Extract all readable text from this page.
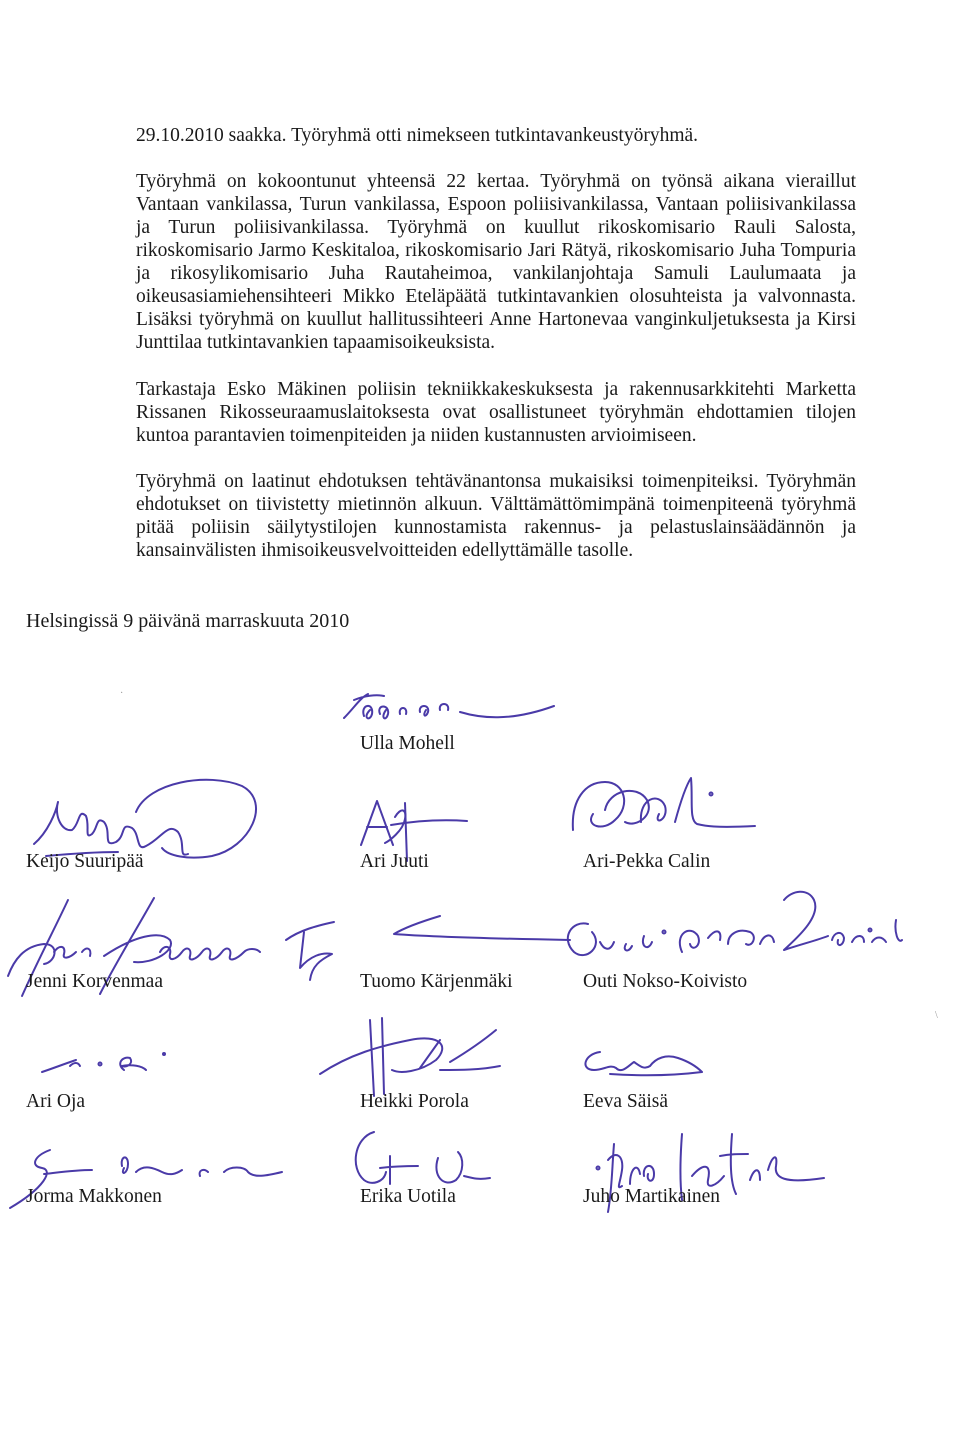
29.10.2010 saakka. Työryhmä otti nimekseen tutkintavankeustyöryhmä.

Työryhmä on kokoontunut yhteensä 22 kertaa. Työryhmä on työnsä aikana vieraillut Vantaan vankilassa, Turun vankilassa, Espoon poliisivankilassa, Vantaan poliisivankilassa ja Turun poliisivankilassa. Työryhmä on kuullut rikoskomisario Rauli Salosta, rikoskomisario Jarmo Keskitaloa, rikoskomisario Jari Rätyä, rikoskomisario Juha Tompuria ja rikosylikomisario Juha Rautaheimoa, vankilanjohtaja Samuli Laulumaata ja oikeusasiamiehensihteeri Mikko Eteläpäätä tutkintavankien olosuhteista ja valvonnasta. Lisäksi työryhmä on kuullut hallitussihteeri Anne Hartonevaa vanginkuljetuksesta ja Kirsi Junttilaa tutkintavankien tapaamisoikeuksista.

Tarkastaja Esko Mäkinen poliisin tekniikkakeskuksesta ja rakennusarkkitehti Marketta Rissanen Rikosseuraamuslaitoksesta ovat osallistuneet työryhmän ehdottamien tilojen kuntoa parantavien toimenpiteiden ja niiden kustannusten arvioimiseen.

Työryhmä on laatinut ehdotuksen tehtävänantonsa mukaisiksi toimenpiteiksi. Työryhmän ehdotukset on tiivistetty mietinnön alkuun. Välttämättömimpänä toimenpiteenä työryhmä pitää poliisin säilytystilojen kunnostamista rakennus- ja pelastuslainsäädännön ja kansainvälisten ihmisoikeusvelvoitteiden edellyttämälle tasolle.

Helsingissä 9 päivänä marraskuuta 2010

·
\

Ulla Mohell

Keijo Suuripää	Ari Juuti	Ari-Pekka Calin

Jenni Korvenmaa	Tuomo Kärjenmäki	Outi Nokso-Koivisto

Ari Oja	Heikki Porola	Eeva Säisä

Jorma Makkonen	Erika Uotila	Juho Martikainen
